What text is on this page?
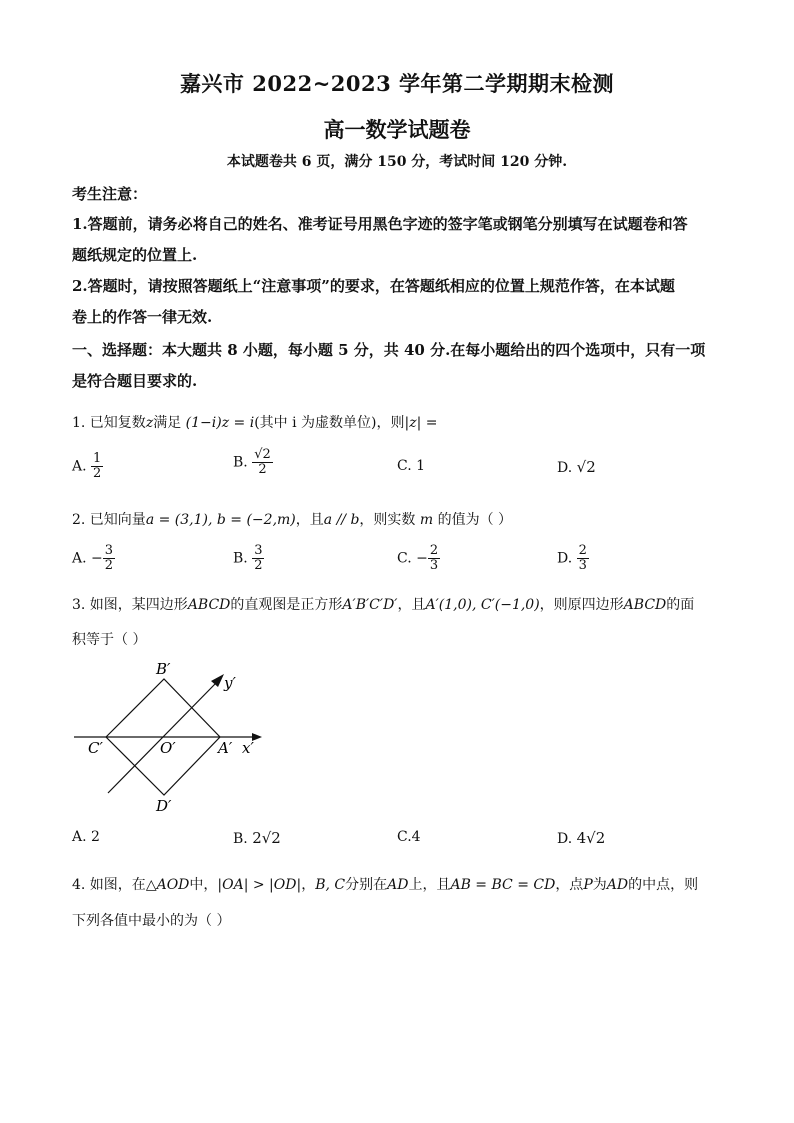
嘉兴市 2022~2023 学年第二学期期末检测
高一数学试题卷
本试题卷共 6 页，满分 150 分，考试时间 120 分钟.
考生注意：
1.答题前，请务必将自己的姓名、准考证号用黑色字迹的签字笔或钢笔分别填写在试题卷和答
题纸规定的位置上.
2.答题时，请按照答题纸上“注意事项”的要求，在答题纸相应的位置上规范作答，在本试题
卷上的作答一律无效.
一、选择题：本大题共 8 小题，每小题 5 分，共 40 分.在每小题给出的四个选项中，只有一项
是符合题目要求的.
1. 已知复数z满足 (1−i)z = i(其中 i 为虚数单位)，则|z| =
A. $\frac{1}{2}$	B. $\frac{√2}{2}$	C. 1	D. √2
2. 已知向量a = (3,1), b = (−2,m)，且a // b，则实数 m 的值为（ ）
A. − $\frac{3}{2}$	B. $\frac{3}{2}$	C. − $\frac{2}{3}$	D. $\frac{2}{3}$
3. 如图，某四边形ABCD的直观图是正方形A′B′C′D′，且A′(1,0), C′(−1,0)，则原四边形ABCD的面
积等于（ ）
B′
y′
C′	O′	A′ x′
D′
A. 2	B. 2√2	C.4	D. 4√2
4. 如图，在△AOD中，|OA| > |OD|，B, C分别在AD上，且AB = BC = CD，点P为AD的中点，则
下列各值中最小的为（ ）
